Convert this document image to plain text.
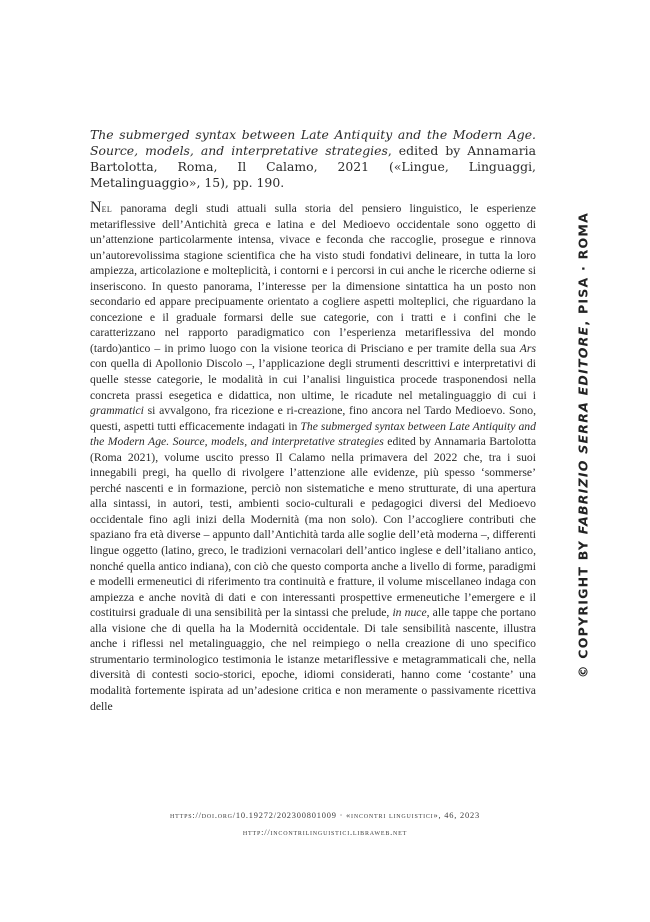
The submerged syntax between Late Antiquity and the Modern Age. Source, models, and interpretative strategies, edited by Annamaria Bartolotta, Roma, Il Calamo, 2021 («Lingue, Linguaggi, Metalinguaggio», 15), pp. 190.

Nel panorama degli studi attuali sulla storia del pensiero linguistico, le esperienze metariflessive dell’Antichità greca e latina e del Medioevo occidentale sono oggetto di un’attenzione particolarmente intensa, vivace e feconda che raccoglie, prosegue e rinnova un’autorevolissima stagione scientifica che ha visto studi fondativi delineare, in tutta la loro ampiezza, articolazione e molteplicità, i contorni e i percorsi in cui anche le ricerche odierne si inseriscono. In questo panorama, l’interesse per la dimensione sintattica ha un posto non secondario ed appare precipuamente orientato a cogliere aspetti molteplici, che riguardano la concezione e il graduale formarsi delle sue categorie, con i tratti e i confini che le caratterizzano nel rapporto paradigmatico con l’esperienza metariflessiva del mondo (tardo)antico – in primo luogo con la visione teorica di Prisciano e per tramite della sua Ars con quella di Apollonio Discolo –, l’applicazione degli strumenti descrittivi e interpretativi di quelle stesse categorie, le modalità in cui l’analisi linguistica procede trasponendosi nella concreta prassi esegetica e didattica, non ultime, le ricadute nel metalinguaggio di cui i grammatici si avvalgono, fra ricezione e ri-creazione, fino ancora nel Tardo Medioevo. Sono, questi, aspetti tutti efficacemente indagati in The submerged syntax between Late Antiquity and the Modern Age. Source, models, and interpretative strategies edited by Annamaria Bartolotta (Roma 2021), volume uscito presso Il Calamo nella primavera del 2022 che, tra i suoi innegabili pregi, ha quello di rivolgere l’attenzione alle evidenze, più spesso ‘sommerse’ perché nascenti e in formazione, perciò non sistematiche e meno strutturate, di una apertura alla sintassi, in autori, testi, ambienti socio-culturali e pedagogici diversi del Medioevo occidentale fino agli inizi della Modernità (ma non solo). Con l’accogliere contributi che spaziano fra età diverse – appunto dall’Antichità tarda alle soglie dell’età moderna –, differenti lingue oggetto (latino, greco, le tradizioni vernacolari dell’antico inglese e dell’italiano antico, nonché quella antico indiana), con ciò che questo comporta anche a livello di forme, paradigmi e modelli ermeneutici di riferimento tra continuità e fratture, il volume miscellaneo indaga con ampiezza e anche novità di dati e con interessanti prospettive ermeneutiche l’emergere e il costituirsi graduale di una sensibilità per la sintassi che prelude, in nuce, alle tappe che portano alla visione che di quella ha la Modernità occidentale. Di tale sensibilità nascente, illustra anche i riflessi nel metalinguaggio, che nel reimpiego o nella creazione di uno specifico strumentario terminologico testimonia le istanze metariflessive e metagrammaticali che, nella diversità di contesti socio-storici, epoche, idiomi considerati, hanno come ‘costante’ una modalità fortemente ispirata ad un’adesione critica e non meramente o passivamente ricettiva delle

https://doi.org/10.19272/202300801009 · «incontri linguistici», 46, 2023
http://incontrilinguistici.libraweb.net
© COPYRIGHT BY FABRIZIO SERRA EDITORE, PISA · ROMA
